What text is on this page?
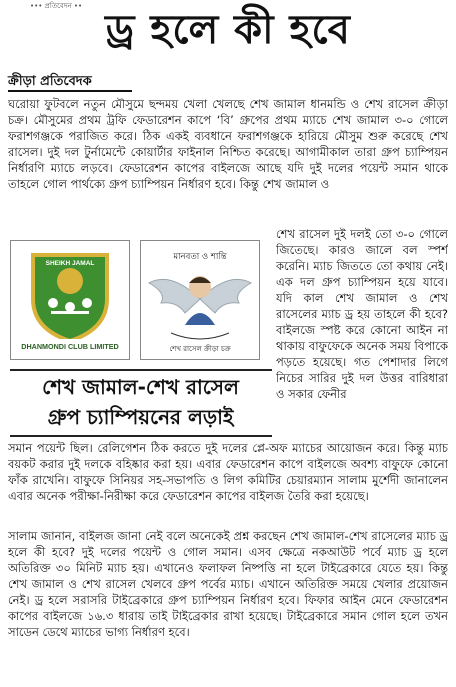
••• প্রতিবেদন ••
ড্র হলে কী হবে
ক্রীড়া প্রতিবেদক

ঘরোয়া ফুটবলে নতুন মৌসুমে ছন্দময় খেলা খেলছে শেখ জামাল ধানমন্ডি ও শেখ রাসেল ক্রীড়া চক্র। মৌসুমের প্রথম ট্রফি ফেডারেশন কাপে ‘বি’ গ্রুপের প্রথম ম্যাচে শেখ জামাল ৩-০ গোলে ফরাশগঞ্জকে পরাজিত করে। ঠিক একই ব্যবধানে ফরাশগঞ্জকে হারিয়ে মৌসুম শুরু করেছে শেখ রাসেল। দুই দল টুর্নামেন্টে কোয়ার্টার ফাইনাল নিশ্চিত করেছে। আগামীকাল তারা গ্রুপ চ্যাম্পিয়ন নির্ধারণি ম্যাচে লড়বে। ফেডারেশন কাপের বাইলজে আছে যদি দুই দলের পয়েন্ট সমান থাকে তাহলে গোল পার্থক্যে গ্রুপ চ্যাম্পিয়ন নির্ধারণ হবে। কিন্তু শেখ জামাল ও

শেখ রাসেল দুই দলই তো ৩-০ গোলে জিতেছে। কারও জালে বল স্পর্শ করেনি। ম্যাচ জিততে তো কথায় নেই। এক দল গ্রুপ চ্যাম্পিয়ন হয়ে যাবে। যদি কাল শেখ জামাল ও শেখ রাসেলের ম্যাচ ড্র হয় তাহলে কী হবে? বাইলজে স্পষ্ট করে কোনো আইন না থাকায় বাফুফেকে অনেক সময় বিপাকে পড়তে হয়েছে। গত পেশাদার লিগে নিচের সারির দুই দল উত্তর বারিধারা ও সকার ফেনীর

SHEIKH JAMAL
DHANMONDI CLUB LIMITED
মানবতা ও শান্তি
শেখ রাসেল ক্রীড়া চক্র
শেখ জামাল-শেখ রাসেল
গ্রুপ চ্যাম্পিয়নের লড়াই

সমান পয়েন্ট ছিল। রেলিগেশন ঠিক করতে দুই দলের প্লে-অফ ম্যাচের আয়োজন করে। কিন্তু ম্যাচ বয়কট করার দুই দলকে বহিষ্কার করা হয়। এবার ফেডারেশন কাপে বাইলজে অবশ্য বাফুফে কোনো ফাঁক রাখেনি। বাফুফে সিনিয়র সহ-সভাপতি ও লিগ কমিটির চেয়ারম্যান সালাম মুর্শেদী জানালেন এবার অনেক পরীক্ষা-নিরীক্ষা করে ফেডারেশন কাপের বাইলজ তৈরি করা হয়েছে।

সালাম জানান, বাইলজ জানা নেই বলে অনেকেই প্রশ্ন করছেন শেখ জামাল-শেখ রাসেলের ম্যাচ ড্র হলে কী হবে? দুই দলের পয়েন্ট ও গোল সমান। এসব ক্ষেত্রে নকআউট পর্বে ম্যাচ ড্র হলে অতিরিক্ত ৩০ মিনিট ম্যাচ হয়। এখানেও ফলাফল নিষ্পত্তি না হলে টাইব্রেকারে যেতে হয়। কিন্তু শেখ জামাল ও শেখ রাসেল খেলবে গ্রুপ পর্বের ম্যাচ। এখানে অতিরিক্ত সময়ে খেলার প্রয়োজন নেই। ড্র হলে সরাসরি টাইব্রেকারে গ্রুপ চ্যাম্পিয়ন নির্ধারণ হবে। ফিফার আইন মেনে ফেডারেশন কাপের বাইলজে ১৬.৩ ধারায় তাই টাইব্রেকার রাখা হয়েছে। টাইব্রেকারে সমান গোল হলে তখন সাডেন ডেথে ম্যাচের ভাগ্য নির্ধারণ হবে।
